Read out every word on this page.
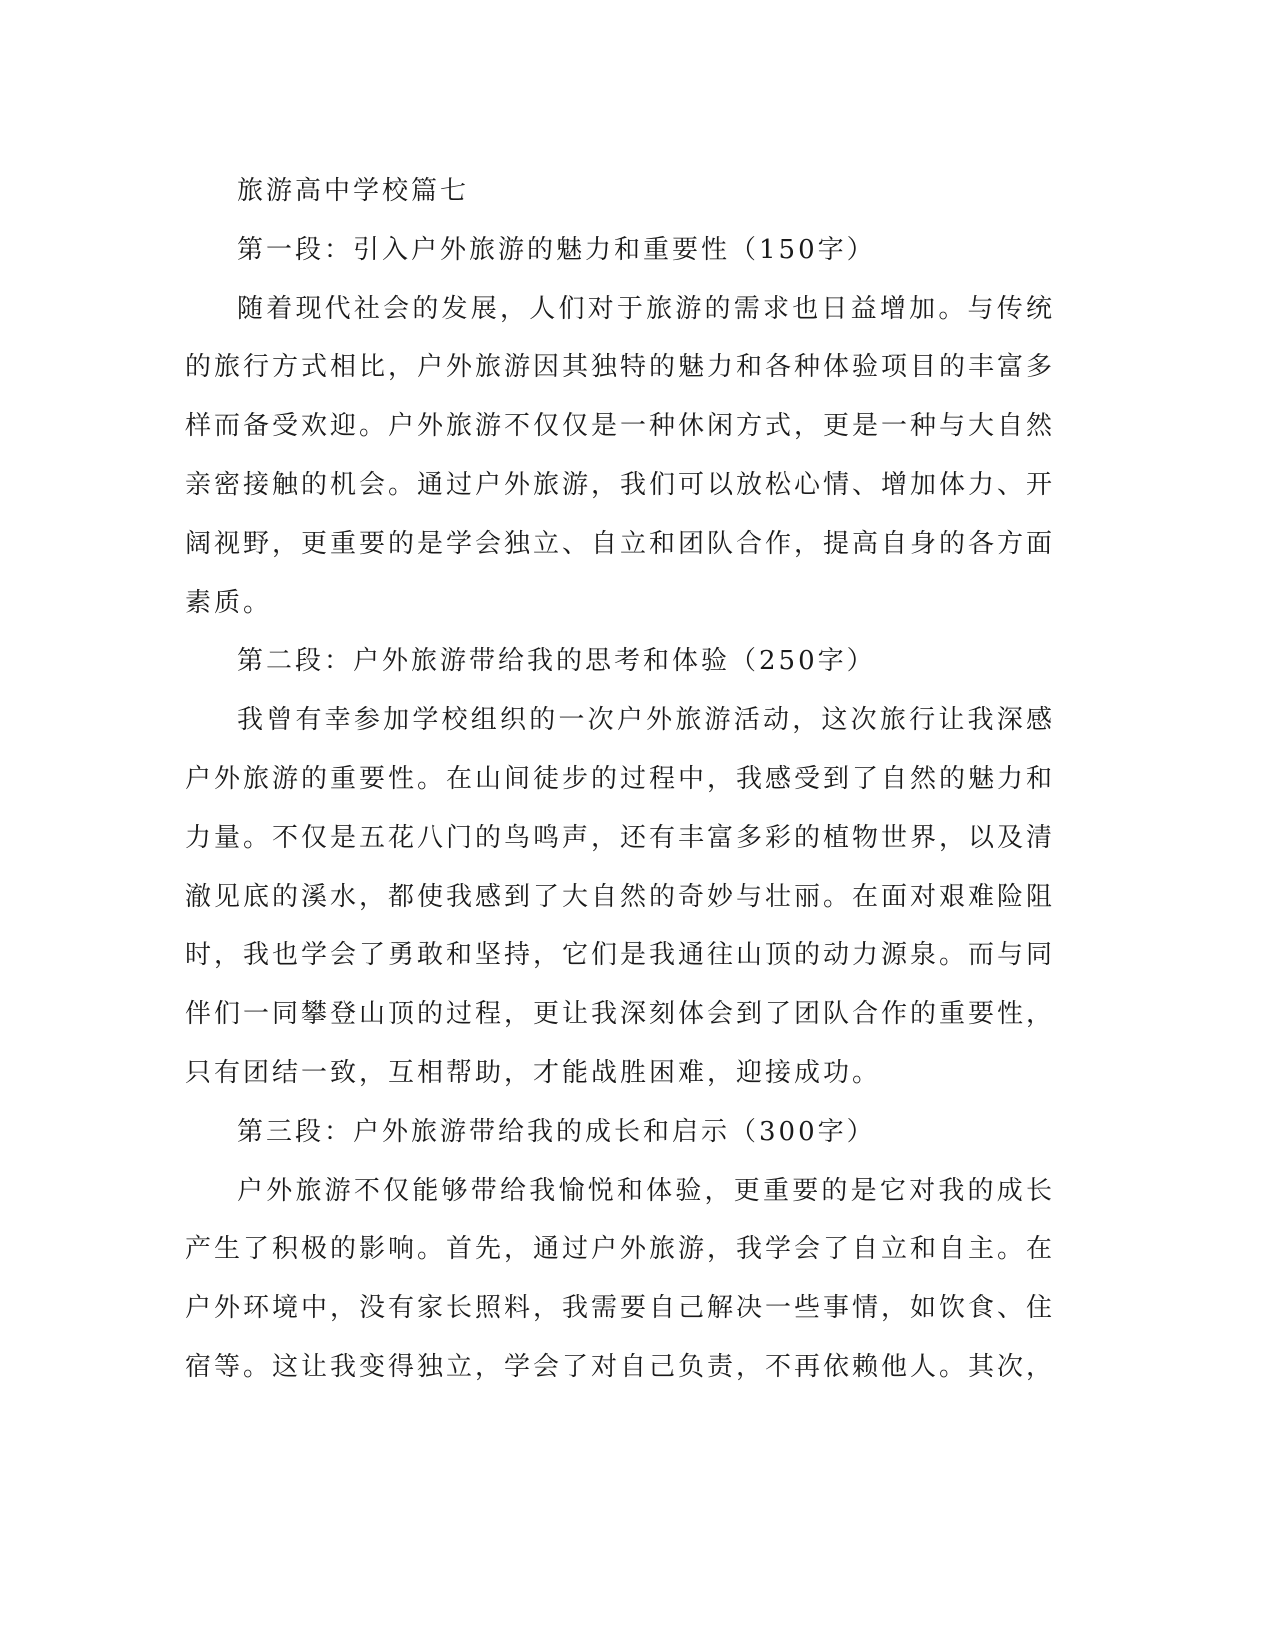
旅游高中学校篇七

第一段：引入户外旅游的魅力和重要性（150字）

随着现代社会的发展，人们对于旅游的需求也日益增加。与传统的旅行方式相比，户外旅游因其独特的魅力和各种体验项目的丰富多样而备受欢迎。户外旅游不仅仅是一种休闲方式，更是一种与大自然亲密接触的机会。通过户外旅游，我们可以放松心情、增加体力、开阔视野，更重要的是学会独立、自立和团队合作，提高自身的各方面素质。

第二段：户外旅游带给我的思考和体验（250字）

我曾有幸参加学校组织的一次户外旅游活动，这次旅行让我深感户外旅游的重要性。在山间徒步的过程中，我感受到了自然的魅力和力量。不仅是五花八门的鸟鸣声，还有丰富多彩的植物世界，以及清澈见底的溪水，都使我感到了大自然的奇妙与壮丽。在面对艰难险阻时，我也学会了勇敢和坚持，它们是我通往山顶的动力源泉。而与同伴们一同攀登山顶的过程，更让我深刻体会到了团队合作的重要性，只有团结一致，互相帮助，才能战胜困难，迎接成功。

第三段：户外旅游带给我的成长和启示（300字）

户外旅游不仅能够带给我愉悦和体验，更重要的是它对我的成长产生了积极的影响。首先，通过户外旅游，我学会了自立和自主。在户外环境中，没有家长照料，我需要自己解决一些事情，如饮食、住宿等。这让我变得独立，学会了对自己负责，不再依赖他人。其次，
